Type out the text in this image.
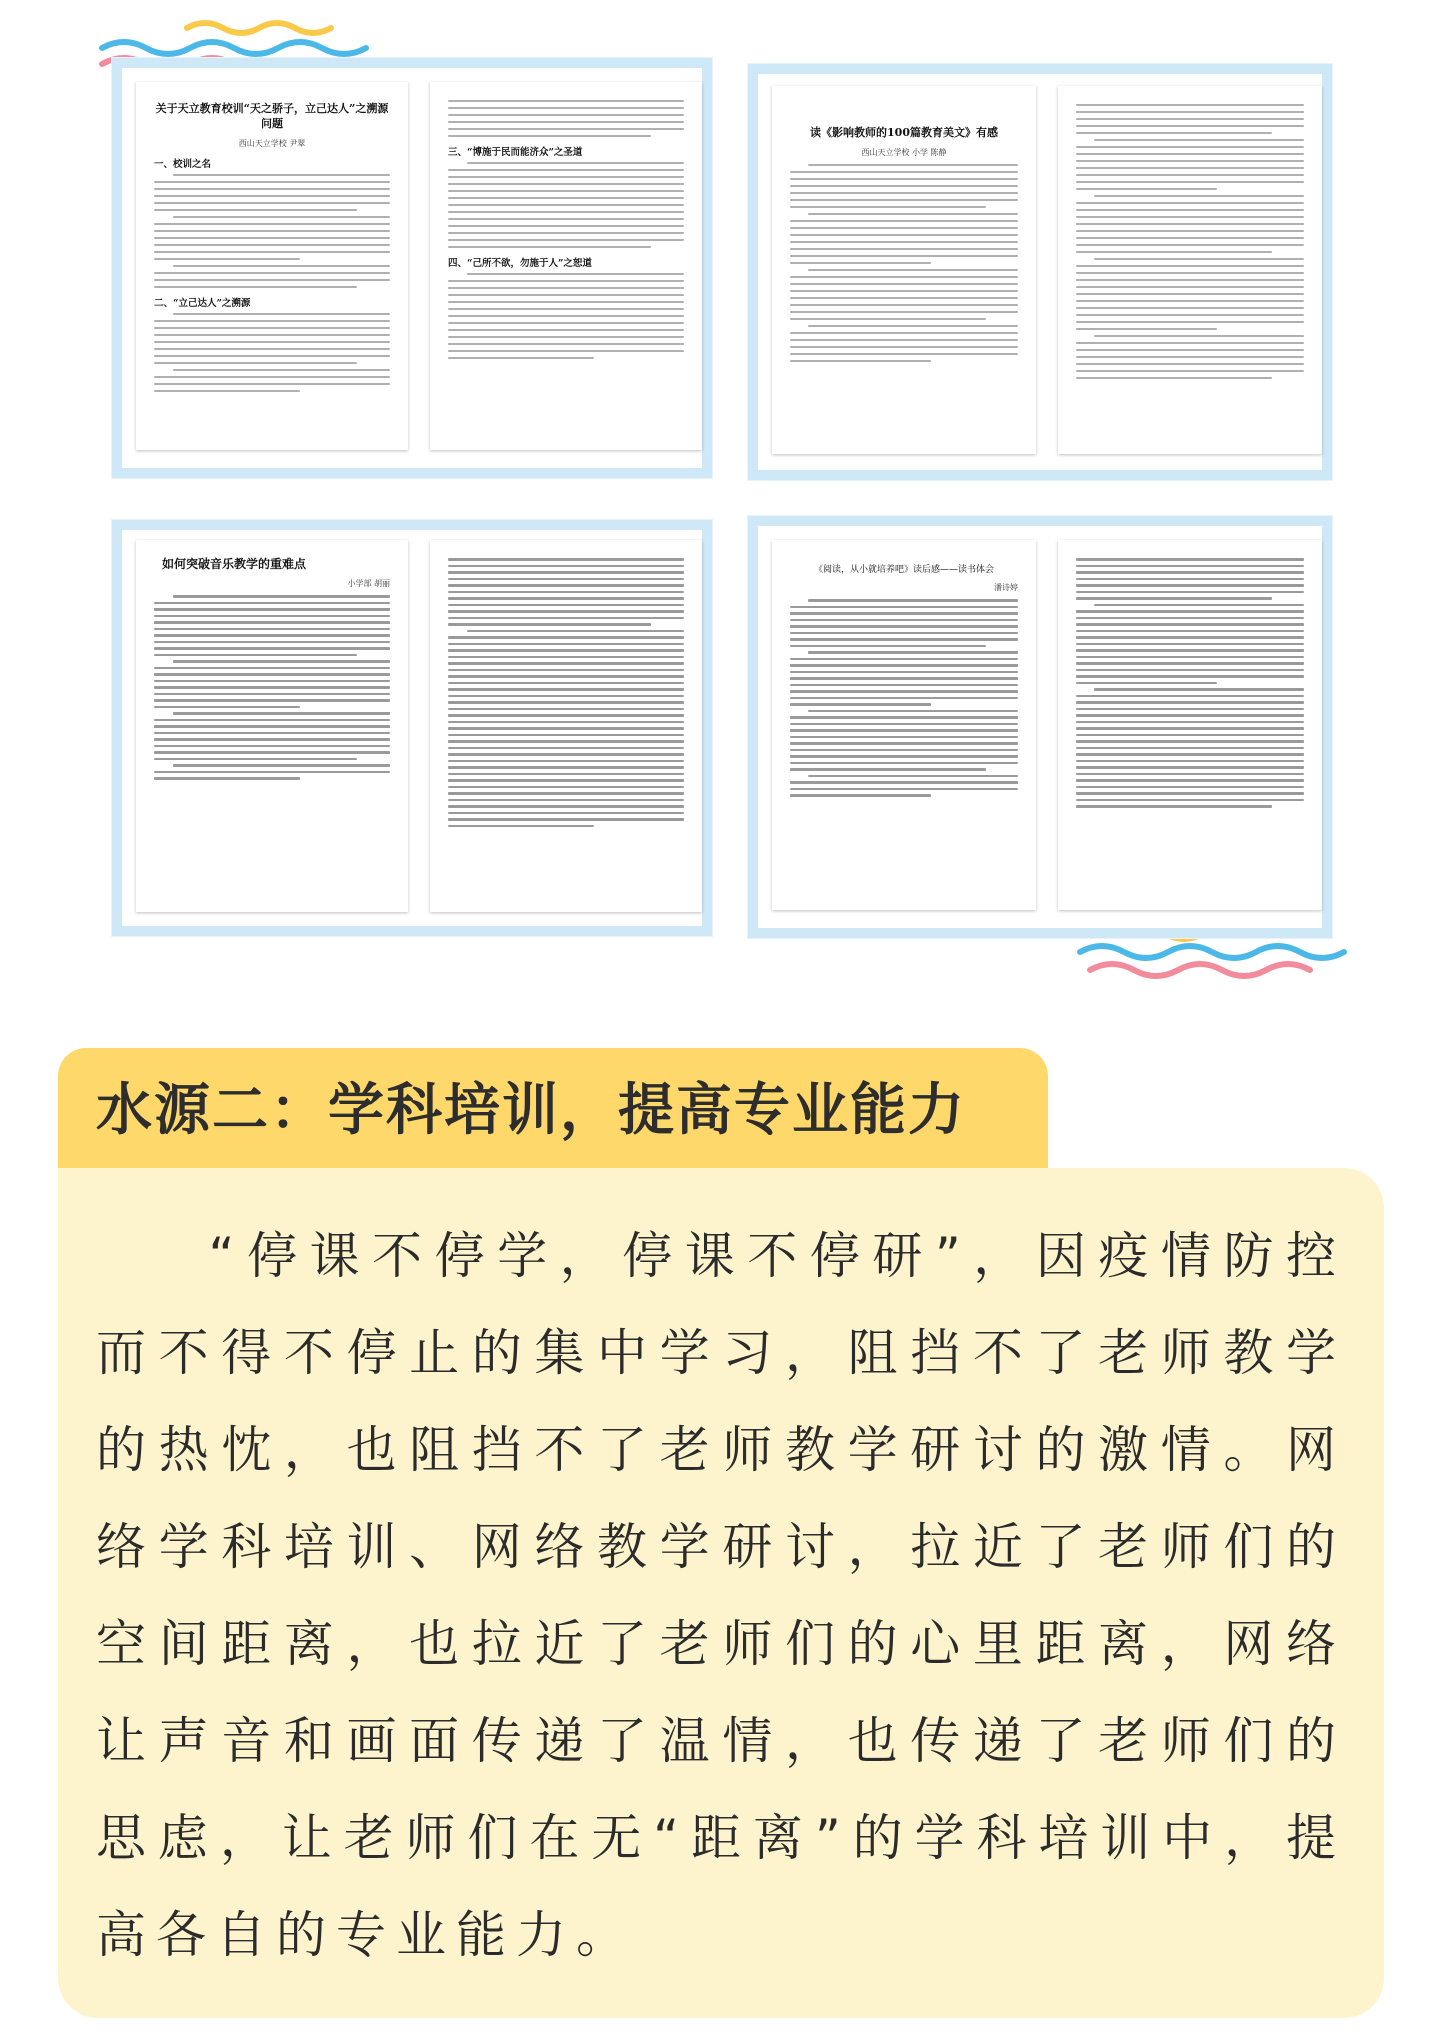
关于天立教育校训“天之骄子，立己达人”之溯源问题
西山天立学校 尹翠
一、校训之名
二、“立己达人”之溯源
三、“博施于民而能济众”之圣道
四、“己所不欲，勿施于人”之恕道
读《影响教师的100篇教育美文》有感
西山天立学校 小学 陈静
如何突破音乐教学的重难点
小学部 胡丽
《阅读，从小就培养吧》读后感——读书体会
潘诗婷
水源二：学科培训，提高专业能力

“停课不停学，停课不停研”，因疫情防控而不得不停止的集中学习，阻挡不了老师教学的热忱，也阻挡不了老师教学研讨的激情。网络学科培训、网络教学研讨，拉近了老师们的空间距离，也拉近了老师们的心里距离，网络让声音和画面传递了温情，也传递了老师们的思虑，让老师们在无“距离”的学科培训中，提高各自的专业能力。
